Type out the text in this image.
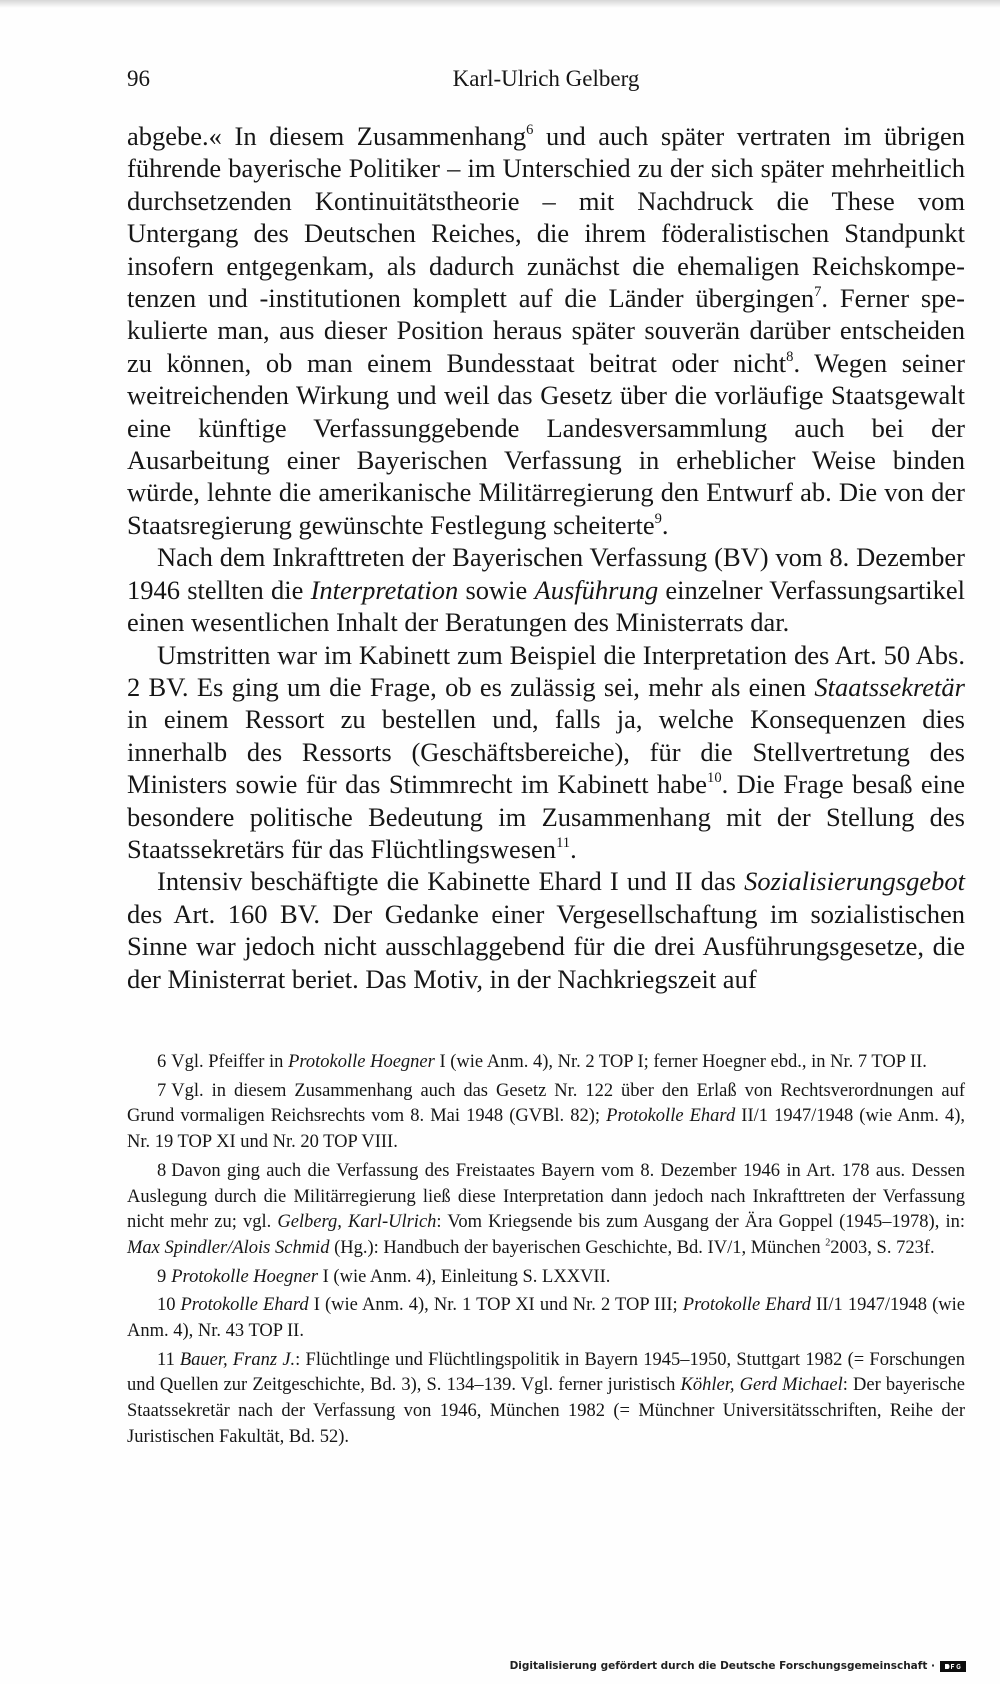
96	Karl-Ulrich Gelberg

abgebe.« In diesem Zusammenhang$^6$ und auch später vertraten im übrigen führende bayerische Politiker – im Unterschied zu der sich später mehrheitlich durchsetzenden Kontinuitätstheorie – mit Nachdruck die These vom Untergang des Deutschen Reiches, die ihrem föderalistischen Standpunkt insofern entgegenkam, als dadurch zunächst die ehemaligen Reichskompetenzen und -institutionen komplett auf die Länder übergingen$^7$. Ferner spekulierte man, aus dieser Position heraus später souverän darüber entscheiden zu können, ob man einem Bundesstaat beitrat oder nicht$^8$. Wegen seiner weitreichenden Wirkung und weil das Gesetz über die vorläufige Staatsgewalt eine künftige Verfassunggebende Landesversammlung auch bei der Ausarbeitung einer Bayerischen Verfassung in erheblicher Weise binden würde, lehnte die amerikanische Militärregierung den Entwurf ab. Die von der Staatsregierung gewünschte Festlegung scheiterte$^9$.

Nach dem Inkrafttreten der Bayerischen Verfassung (BV) vom 8. Dezember 1946 stellten die Interpretation sowie Ausführung einzelner Verfassungsartikel einen wesentlichen Inhalt der Beratungen des Ministerrats dar.

Umstritten war im Kabinett zum Beispiel die Interpretation des Art. 50 Abs. 2 BV. Es ging um die Frage, ob es zulässig sei, mehr als einen Staatssekretär in einem Ressort zu bestellen und, falls ja, welche Konsequenzen dies innerhalb des Ressorts (Geschäftsbereiche), für die Stellvertretung des Ministers sowie für das Stimmrecht im Kabinett habe$^{10}$. Die Frage besaß eine besondere politische Bedeutung im Zusammenhang mit der Stellung des Staatssekretärs für das Flüchtlingswesen$^{11}$.

Intensiv beschäftigte die Kabinette Ehard I und II das Sozialisierungsgebot des Art. 160 BV. Der Gedanke einer Vergesellschaftung im sozialistischen Sinne war jedoch nicht ausschlaggebend für die drei Ausführungsgesetze, die der Ministerrat beriet. Das Motiv, in der Nachkriegszeit auf

6 Vgl. Pfeiffer in Protokolle Hoegner I (wie Anm. 4), Nr. 2 TOP I; ferner Hoegner ebd., in Nr. 7 TOP II.

7 Vgl. in diesem Zusammenhang auch das Gesetz Nr. 122 über den Erlaß von Rechtsverordnungen auf Grund vormaligen Reichsrechts vom 8. Mai 1948 (GVBl. 82); Protokolle Ehard II/1 1947/1948 (wie Anm. 4), Nr. 19 TOP XI und Nr. 20 TOP VIII.

8 Davon ging auch die Verfassung des Freistaates Bayern vom 8. Dezember 1946 in Art. 178 aus. Dessen Auslegung durch die Militärregierung ließ diese Interpretation dann jedoch nach Inkrafttreten der Verfassung nicht mehr zu; vgl. Gelberg, Karl-Ulrich: Vom Kriegsende bis zum Ausgang der Ära Goppel (1945–1978), in: Max Spindler/Alois Schmid (Hg.): Handbuch der bayerischen Geschichte, Bd. IV/1, München $^2$2003, S. 723f.

9 Protokolle Hoegner I (wie Anm. 4), Einleitung S. LXXVII.

10 Protokolle Ehard I (wie Anm. 4), Nr. 1 TOP XI und Nr. 2 TOP III; Protokolle Ehard II/1 1947/1948 (wie Anm. 4), Nr. 43 TOP II.

11 Bauer, Franz J.: Flüchtlinge und Flüchtlingspolitik in Bayern 1945–1950, Stuttgart 1982 (= Forschungen und Quellen zur Zeitgeschichte, Bd. 3), S. 134–139. Vgl. ferner juristisch Köhler, Gerd Michael: Der bayerische Staatssekretär nach der Verfassung von 1946, München 1982 (= Münchner Universitätsschriften, Reihe der Juristischen Fakultät, Bd. 52).

Digitalisierung gefördert durch die Deutsche Forschungsgemeinschaft ·
